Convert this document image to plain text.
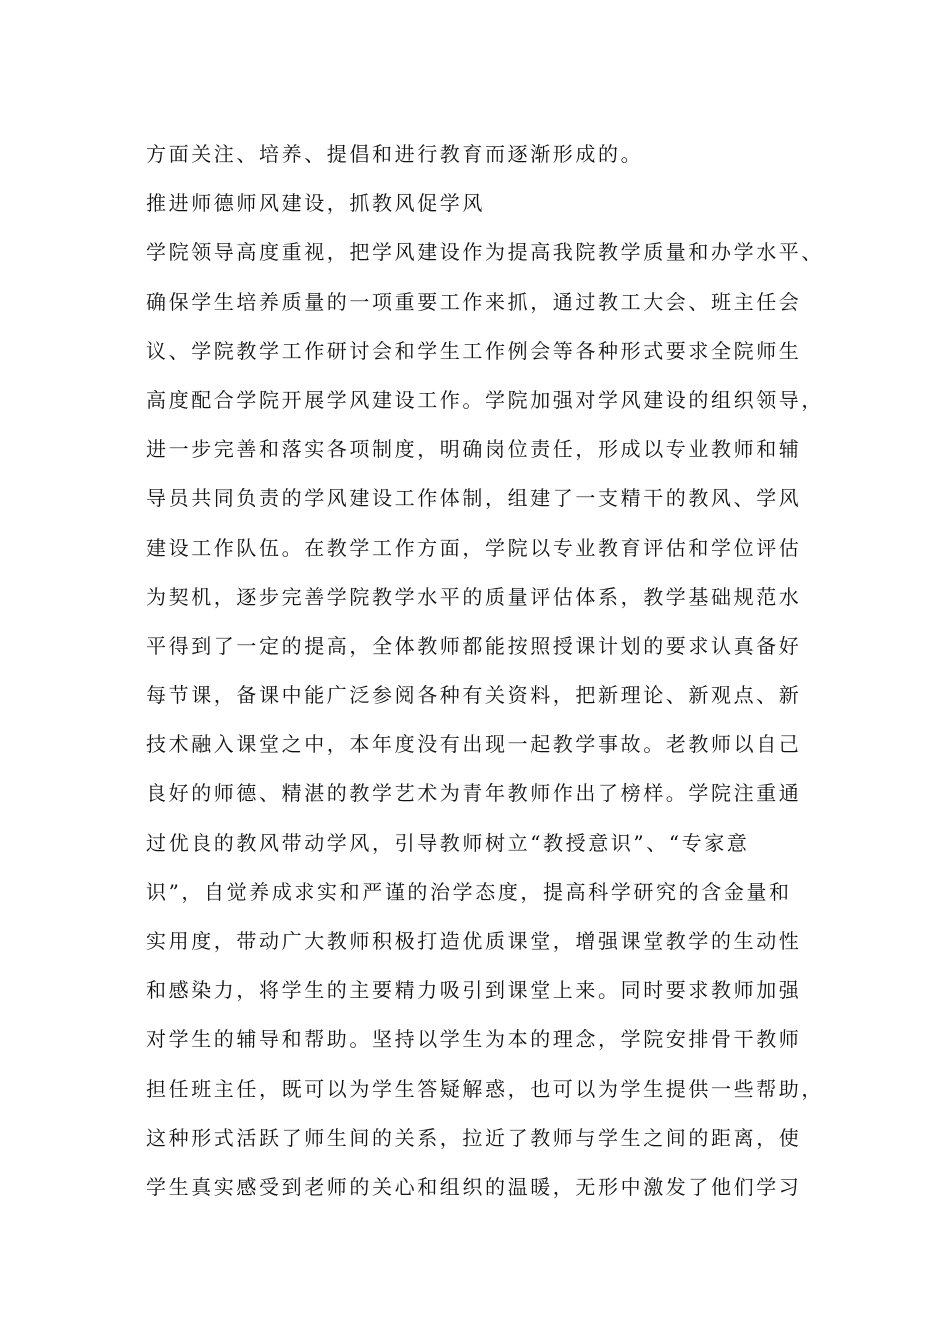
方面关注、培养、提倡和进行教育而逐渐形成的。
推进师德师风建设，抓教风促学风
学院领导高度重视，把学风建设作为提高我院教学质量和办学水平、
确保学生培养质量的一项重要工作来抓，通过教工大会、班主任会
议、学院教学工作研讨会和学生工作例会等各种形式要求全院师生
高度配合学院开展学风建设工作。学院加强对学风建设的组织领导，
进一步完善和落实各项制度，明确岗位责任，形成以专业教师和辅
导员共同负责的学风建设工作体制，组建了一支精干的教风、学风
建设工作队伍。在教学工作方面，学院以专业教育评估和学位评估
为契机，逐步完善学院教学水平的质量评估体系，教学基础规范水
平得到了一定的提高，全体教师都能按照授课计划的要求认真备好
每节课，备课中能广泛参阅各种有关资料，把新理论、新观点、新
技术融入课堂之中，本年度没有出现一起教学事故。老教师以自己
良好的师德、精湛的教学艺术为青年教师作出了榜样。学院注重通
过优良的教风带动学风，引导教师树立“教授意识”、“专家意
识”，自觉养成求实和严谨的治学态度，提高科学研究的含金量和
实用度，带动广大教师积极打造优质课堂，增强课堂教学的生动性
和感染力，将学生的主要精力吸引到课堂上来。同时要求教师加强
对学生的辅导和帮助。坚持以学生为本的理念，学院安排骨干教师
担任班主任，既可以为学生答疑解惑，也可以为学生提供一些帮助，
这种形式活跃了师生间的关系，拉近了教师与学生之间的距离，使
学生真实感受到老师的关心和组织的温暖，无形中激发了他们学习
